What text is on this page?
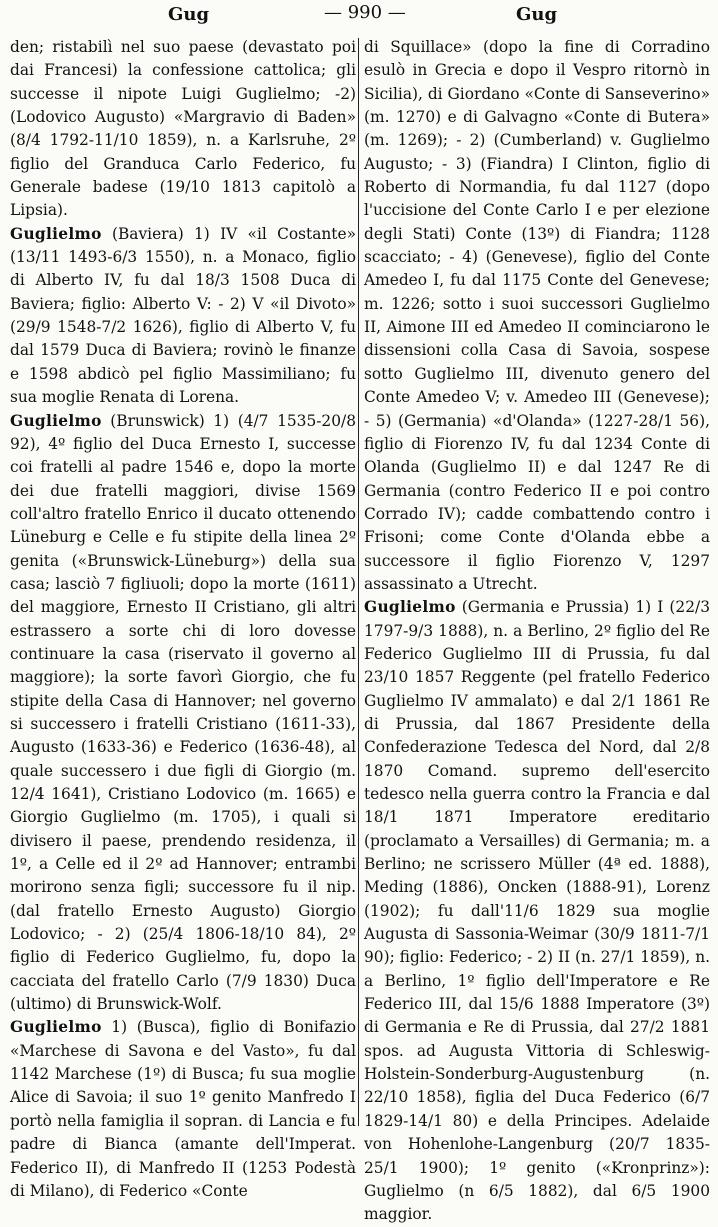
Gug	— 990 —	Gug

den; ristabilì nel suo paese (devastato poi dai Francesi) la confessione cattolica; gli successe il nipote Luigi Guglielmo; -2)(Lodovico Augusto) «Margravio di Baden» (8/4 1792-11/10 1859), n. a Karlsruhe, 2º figlio del Granduca Carlo Federico, fu Generale badese (19/10 1813 capitolò a Lipsia).

Guglielmo (Baviera) 1) IV «il Costante» (13/11 1493-6/3 1550), n. a Monaco, figlio di Alberto IV, fu dal 18/3 1508 Duca di Baviera; figlio: Alberto V: - 2) V «il Divoto» (29/9 1548-7/2 1626), figlio di Alberto V, fu dal 1579 Duca di Baviera; rovinò le finanze e 1598 abdicò pel figlio Massimiliano; fu sua moglie Renata di Lorena.

Guglielmo (Brunswick) 1) (4/7 1535-20/8 92), 4º figlio del Duca Ernesto I, successe coi fratelli al padre 1546 e, dopo la morte dei due fratelli maggiori, divise 1569 coll'altro fratello Enrico il ducato ottenendo Lüneburg e Celle e fu stipite della linea 2º genita («Brunswick-Lüneburg») della sua casa; lasciò 7 figliuoli; dopo la morte (1611) del maggiore, Ernesto II Cristiano, gli altri estrassero a sorte chi di loro dovesse continuare la casa (riservato il governo al maggiore); la sorte favorì Giorgio, che fu stipite della Casa di Hannover; nel governo si successero i fratelli Cristiano (1611-33), Augusto (1633-36) e Federico (1636-48), al quale successero i due figli di Giorgio (m. 12/4 1641), Cristiano Lodovico (m. 1665) e Giorgio Guglielmo (m. 1705), i quali si divisero il paese, prendendo residenza, il 1º, a Celle ed il 2º ad Hannover; entrambi morirono senza figli; successore fu il nip. (dal fratello Ernesto Augusto) Giorgio Lodovico; - 2) (25/4 1806-18/10 84), 2º figlio di Federico Guglielmo, fu, dopo la cacciata del fratello Carlo (7/9 1830) Duca (ultimo) di Brunswick-Wolf.

Guglielmo 1) (Busca), figlio di Bonifazio «Marchese di Savona e del Vasto», fu dal 1142 Marchese (1º) di Busca; fu sua moglie Alice di Savoia; il suo 1º genito Manfredo I portò nella famiglia il sopran. di Lancia e fu padre di Bianca (amante dell'Imperat. Federico II), di Manfredo II (1253 Podestà di Milano), di Federico «Conte

di Squillace» (dopo la fine di Corradino esulò in Grecia e dopo il Vespro ritornò in Sicilia), di Giordano «Conte di Sanseverino» (m. 1270) e di Galvagno «Conte di Butera» (m. 1269); - 2) (Cumberland) v. Guglielmo Augusto; - 3) (Fiandra) I Clinton, figlio di Roberto di Normandia, fu dal 1127 (dopo l'uccisione del Conte Carlo I e per elezione degli Stati) Conte (13º) di Fiandra; 1128 scacciato; - 4) (Genevese), figlio del Conte Amedeo I, fu dal 1175 Conte del Genevese; m. 1226; sotto i suoi successori Guglielmo II, Aimone III ed Amedeo II cominciarono le dissensioni colla Casa di Savoia, sospese sotto Guglielmo III, divenuto genero del Conte Amedeo V; v. Amedeo III (Genevese); - 5) (Germania) «d'Olanda» (1227-28/1 56), figlio di Fiorenzo IV, fu dal 1234 Conte di Olanda (Guglielmo II) e dal 1247 Re di Germania (contro Federico II e poi contro Corrado IV); cadde combattendo contro i Frisoni; come Conte d'Olanda ebbe a successore il figlio Fiorenzo V, 1297 assassinato a Utrecht.

Guglielmo (Germania e Prussia) 1) I (22/3 1797-9/3 1888), n. a Berlino, 2º figlio del Re Federico Guglielmo III di Prussia, fu dal 23/10 1857 Reggente (pel fratello Federico Guglielmo IV ammalato) e dal 2/1 1861 Re di Prussia, dal 1867 Presidente della Confederazione Tedesca del Nord, dal 2/8 1870 Comand. supremo dell'esercito tedesco nella guerra contro la Francia e dal 18/1 1871 Imperatore ereditario (proclamato a Versailles) di Germania; m. a Berlino; ne scrissero Müller (4ª ed. 1888), Meding (1886), Oncken (1888-91), Lorenz (1902); fu dall'11/6 1829 sua moglie Augusta di Sassonia-Weimar (30/9 1811-7/1 90); figlio: Federico; - 2) II (n. 27/1 1859), n. a Berlino, 1º figlio dell'Imperatore e Re Federico III, dal 15/6 1888 Imperatore (3º) di Germania e Re di Prussia, dal 27/2 1881 spos. ad Augusta Vittoria di Schleswig-Holstein-Sonderburg-Augustenburg (n. 22/10 1858), figlia del Duca Federico (6/7 1829-14/1 80) e della Principes. Adelaide von Hohenlohe-Langenburg (20/7 1835-25/1 1900); 1º genito («Kronprinz»): Guglielmo (n 6/5 1882), dal 6/5 1900 maggior.
